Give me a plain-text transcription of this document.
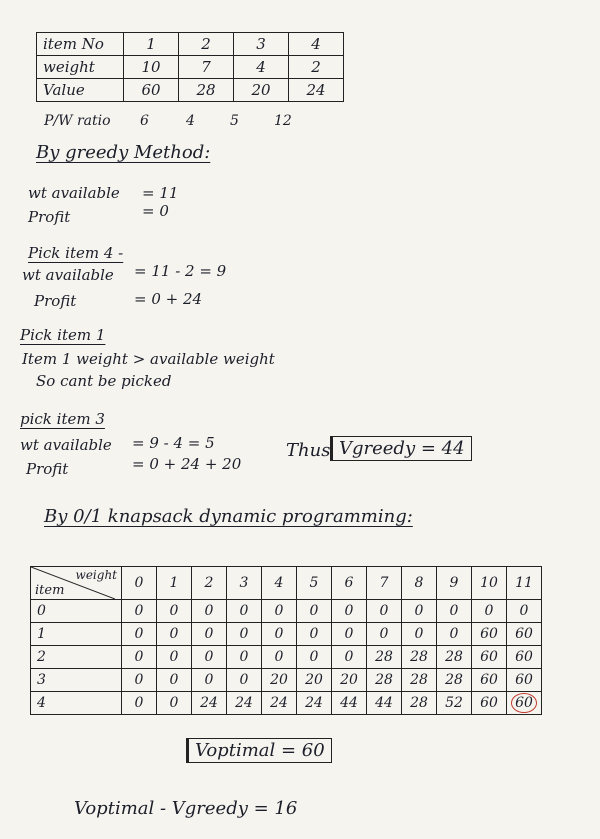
item No	1	2	3	4
weight	10	7	4	2
Value	60	28	20	24
P/W ratio 6	4	5	12
By greedy Method:
wt available = 11
Profit	= 0
Pick item 4 -
wt available = 11 - 2 = 9
Profit	= 0 + 24
Pick item 1
Item 1 weight > available weight
So cant be picked
pick item 3
wt available = 9 - 4 = 5
Profit	= 0 + 24 + 20
Thus Vgreedy = 44
By 0/1 knapsack dynamic programming:
weight
item	0	1	2	3	4	5	6	7	8	9	10	11
0	0	0	0	0	0	0	0	0	0	0	0	0
1	0	0	0	0	0	0	0	0	0	0	60	60
2	0	0	0	0	0	0	0	28	28	28	60	60
3	0	0	0	0	20	20	20	28	28	28	60	60
4	0	0	24	24	24	24	44	44	28	52	60	60
Voptimal = 60
Voptimal - Vgreedy = 16
